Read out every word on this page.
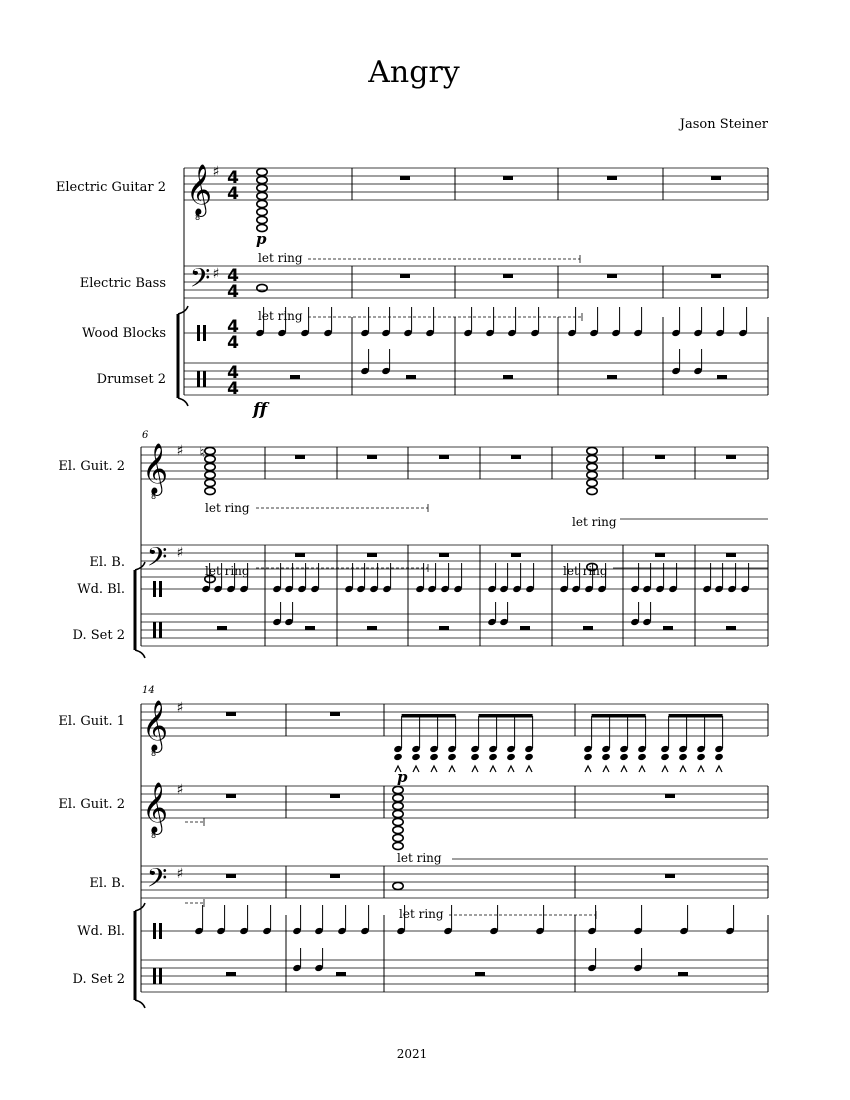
Angry
Jason Steiner
2021
Electric Guitar 2
Electric Bass
Wood Blocks
Drumset 2
El. Guit. 2
El. B.
Wd. Bl.
D. Set 2
6
El. Guit. 1
El. Guit. 2
El. B.
Wd. Bl.
D. Set 2
14
p
ff
p
let ring
let ring
let ring
let ring
let ring
let ring
let ring
let ring
𝄞
8
♯ 4
4
𝄢 ♯ 4
4
4
4
4
4
𝄞
8
♯
𝄢 ♯
♮
𝄞
8
♯
𝄞
8
♯
𝄢 ♯
